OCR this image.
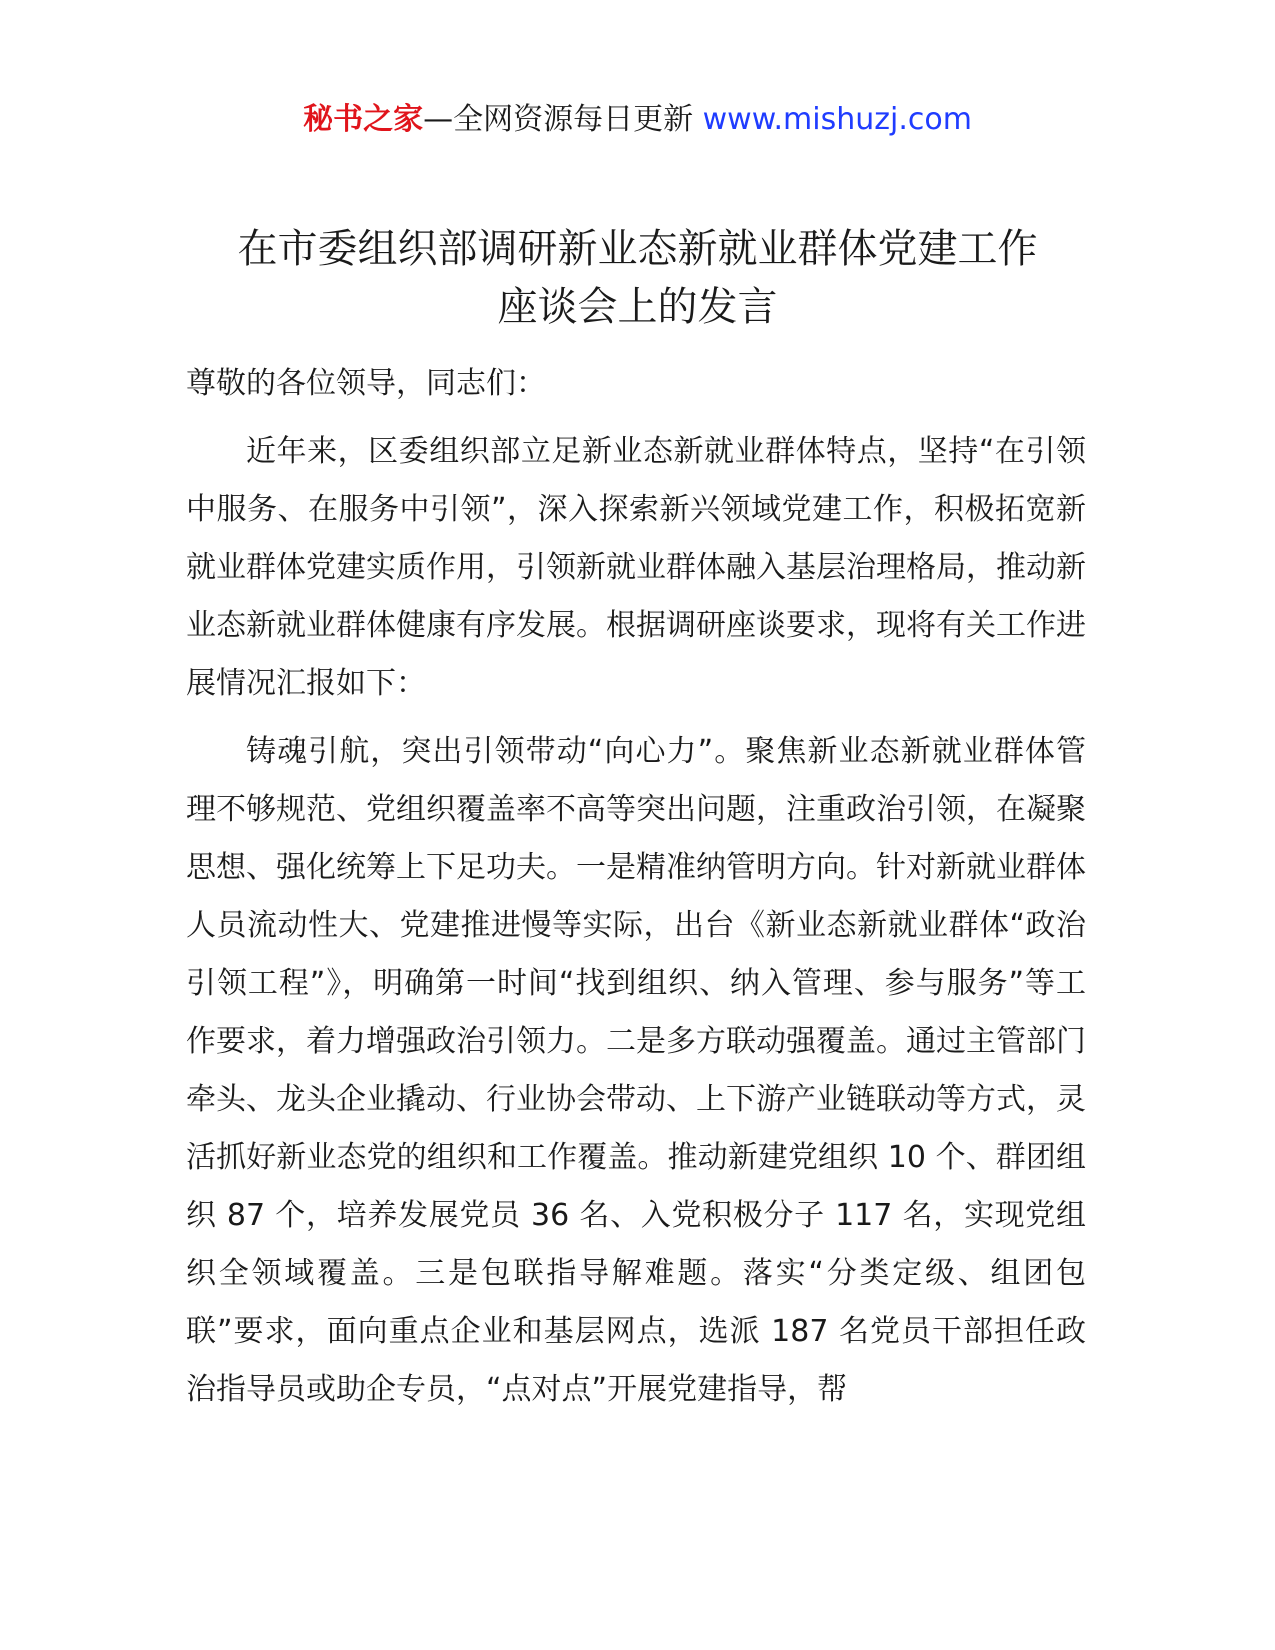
秘书之家—全网资源每日更新 www.mishuzj.com
在市委组织部调研新业态新就业群体党建工作
座谈会上的发言

尊敬的各位领导，同志们：

近年来，区委组织部立足新业态新就业群体特点，坚持“在引领中服务、在服务中引领”，深入探索新兴领域党建工作，积极拓宽新就业群体党建实质作用，引领新就业群体融入基层治理格局，推动新业态新就业群体健康有序发展。根据调研座谈要求，现将有关工作进展情况汇报如下：

铸魂引航，突出引领带动“向心力”。聚焦新业态新就业群体管理不够规范、党组织覆盖率不高等突出问题，注重政治引领，在凝聚思想、强化统筹上下足功夫。一是精准纳管明方向。针对新就业群体人员流动性大、党建推进慢等实际，出台《新业态新就业群体“政治引领工程”》，明确第一时间“找到组织、纳入管理、参与服务”等工作要求，着力增强政治引领力。二是多方联动强覆盖。通过主管部门牵头、龙头企业撬动、行业协会带动、上下游产业链联动等方式，灵活抓好新业态党的组织和工作覆盖。推动新建党组织 10 个、群团组织 87 个，培养发展党员 36 名、入党积极分子 117 名，实现党组织全领域覆盖。三是包联指导解难题。落实“分类定级、组团包联”要求，面向重点企业和基层网点，选派 187 名党员干部担任政治指导员或助企专员，“点对点”开展党建指导，帮
